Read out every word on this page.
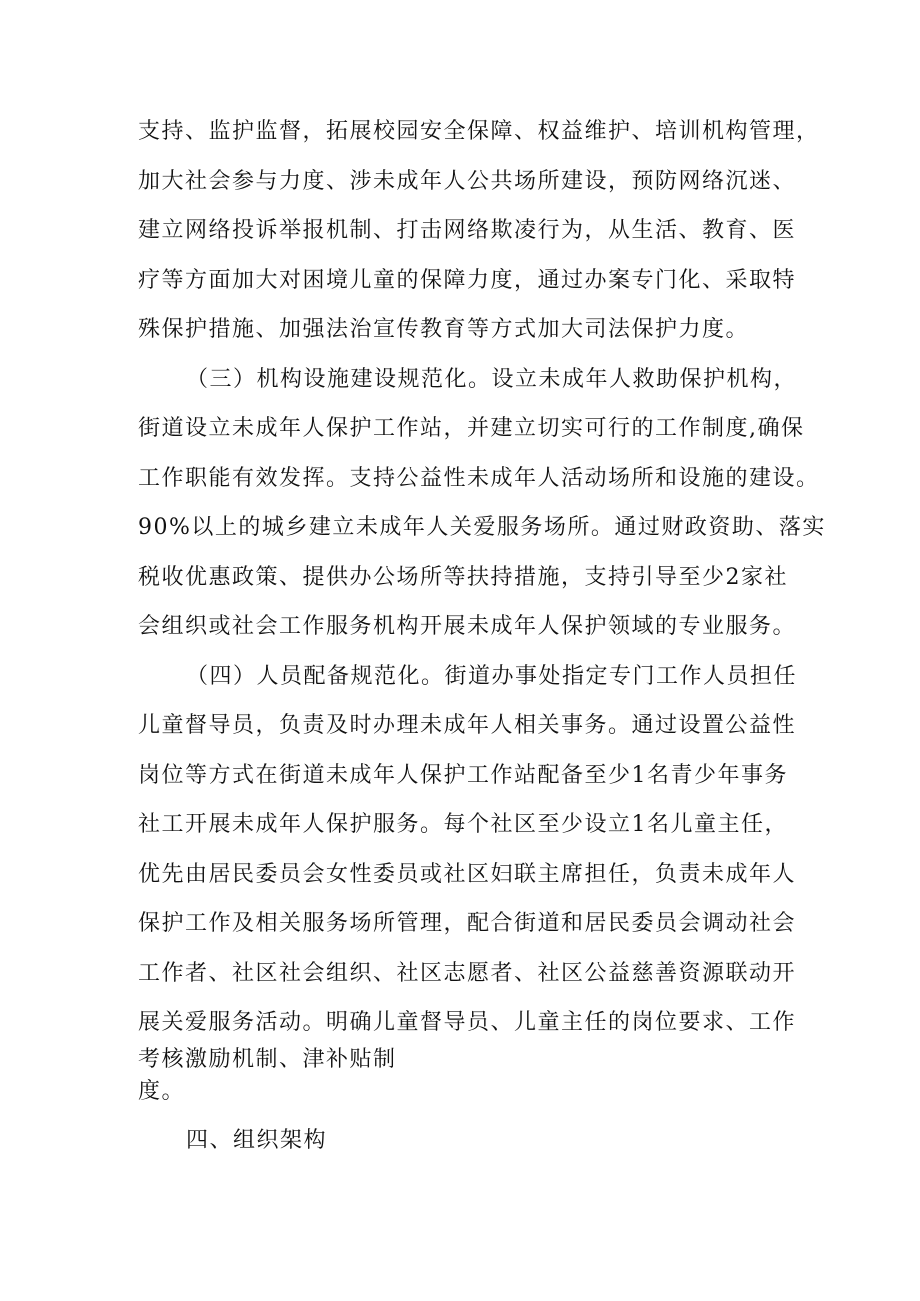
支持、监护监督，拓展校园安全保障、权益维护、培训机构管理，
加大社会参与力度、涉未成年人公共场所建设，预防网络沉迷、
建立网络投诉举报机制、打击网络欺凌行为，从生活、教育、医
疗等方面加大对困境儿童的保障力度，通过办案专门化、采取特
殊保护措施、加强法治宣传教育等方式加大司法保护力度。
（三）机构设施建设规范化。设立未成年人救助保护机构，
街道设立未成年人保护工作站，并建立切实可行的工作制度,确保
工作职能有效发挥。支持公益性未成年人活动场所和设施的建设。
90%以上的城乡建立未成年人关爱服务场所。通过财政资助、落实
税收优惠政策、提供办公场所等扶持措施，支持引导至少2家社
会组织或社会工作服务机构开展未成年人保护领域的专业服务。
（四）人员配备规范化。街道办事处指定专门工作人员担任
儿童督导员，负责及时办理未成年人相关事务。通过设置公益性
岗位等方式在街道未成年人保护工作站配备至少1名青少年事务
社工开展未成年人保护服务。每个社区至少设立1名儿童主任，
优先由居民委员会女性委员或社区妇联主席担任，负责未成年人
保护工作及相关服务场所管理，配合街道和居民委员会调动社会
工作者、社区社会组织、社区志愿者、社区公益慈善资源联动开
展关爱服务活动。明确儿童督导员、儿童主任的岗位要求、工作
考核激励机制、津补贴制
度。
四、组织架构
